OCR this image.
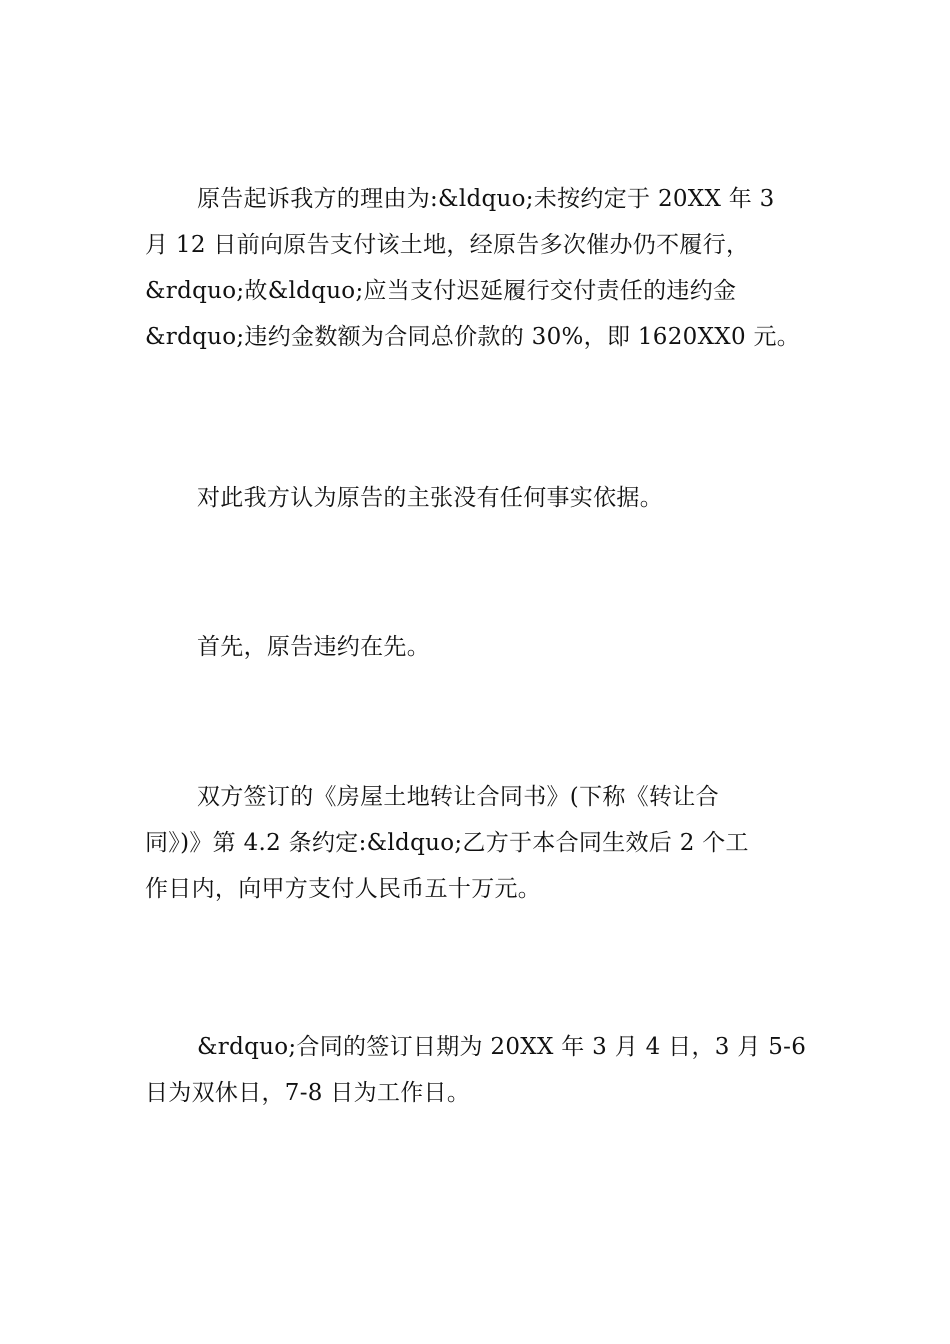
原告起诉我方的理由为:&ldquo;未按约定于 20XX 年 3
月 12 日前向原告支付该土地，经原告多次催办仍不履行，
&rdquo;故&ldquo;应当支付迟延履行交付责任的违约金
&rdquo;违约金数额为合同总价款的 30%，即 1620XX0 元。
对此我方认为原告的主张没有任何事实依据。
首先，原告违约在先。
双方签订的《房屋土地转让合同书》(下称《转让合
同》)》第 4.2 条约定:&ldquo;乙方于本合同生效后 2 个工
作日内，向甲方支付人民币五十万元。
&rdquo;合同的签订日期为 20XX 年 3 月 4 日，3 月 5-6
日为双休日，7-8 日为工作日。
